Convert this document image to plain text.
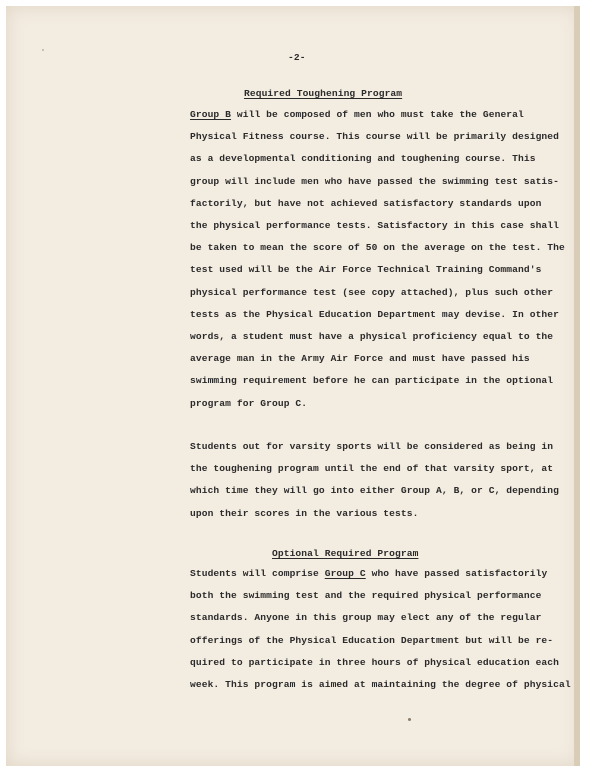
-2-
Required Toughening Program
Group B will be composed of men who must take the General
Physical Fitness course. This course will be primarily designed
as a developmental conditioning and toughening course. This
group will include men who have passed the swimming test satis-
factorily, but have not achieved satisfactory standards upon
the physical performance tests. Satisfactory in this case shall
be taken to mean the score of 50 on the average on the test. The
test used will be the Air Force Technical Training Command's
physical performance test (see copy attached), plus such other
tests as the Physical Education Department may devise. In other
words, a student must have a physical proficiency equal to the
average man in the Army Air Force and must have passed his
swimming requirement before he can participate in the optional
program for Group C.
Students out for varsity sports will be considered as being in
the toughening program until the end of that varsity sport, at
which time they will go into either Group A, B, or C, depending
upon their scores in the various tests.
Optional Required Program
Students will comprise Group C who have passed satisfactorily
both the swimming test and the required physical performance
standards. Anyone in this group may elect any of the regular
offerings of the Physical Education Department but will be re-
quired to participate in three hours of physical education each
week. This program is aimed at maintaining the degree of physical
